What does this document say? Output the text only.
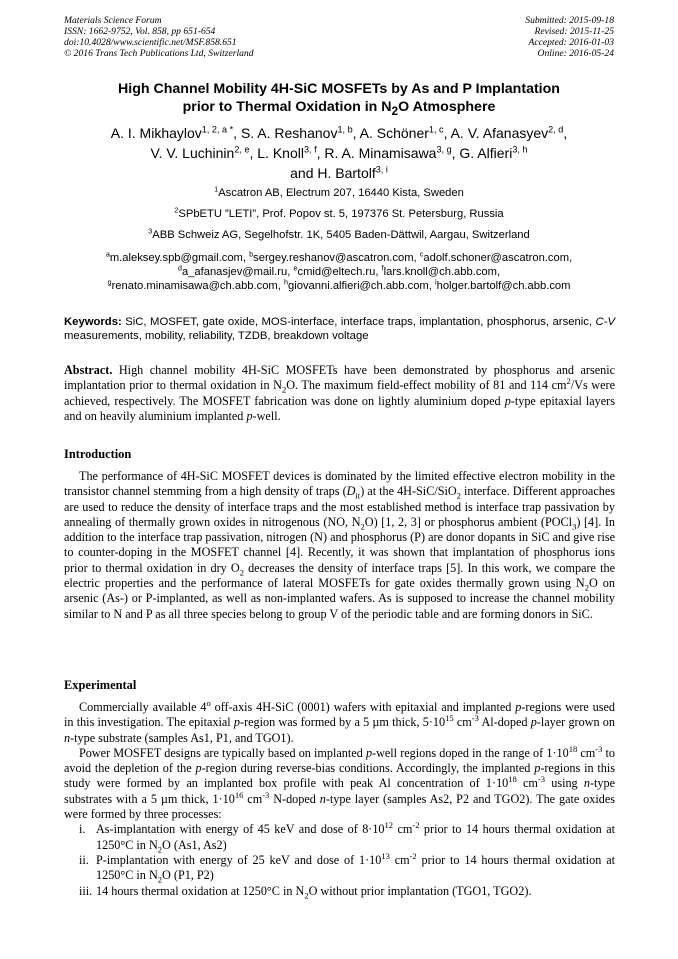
Materials Science Forum
ISSN: 1662-9752, Vol. 858, pp 651-654
doi:10.4028/www.scientific.net/MSF.858.651
© 2016 Trans Tech Publications Ltd, Switzerland
Submitted: 2015-09-18
Revised: 2015-11-25
Accepted: 2016-01-03
Online: 2016-05-24
High Channel Mobility 4H-SiC MOSFETs by As and P Implantation
prior to Thermal Oxidation in $N_2O$ Atmosphere
A. I. Mikhaylov$^{1, 2, a *}$, S. A. Reshanov$^{1, b}$, A. Schöner$^{1, c}$, A. V. Afanasyev$^{2, d}$,
V. V. Luchinin$^{2, e}$, L. Knoll$^{3, f}$, R. A. Minamisawa$^{3, g}$, G. Alfieri$^{3, h}$
and H. Bartolf$^{3, i}$
$^1$Ascatron AB, Electrum 207, 16440 Kista, Sweden
$^2$SPbETU ”LETI”, Prof. Popov st. 5, 197376 St. Petersburg, Russia
$^3$ABB Schweiz AG, Segelhofstr. 1K, 5405 Baden-Dättwil, Aargau, Switzerland
$^a$m.aleksey.spb@gmail.com, $^b$sergey.reshanov@ascatron.com, $^c$adolf.schoner@ascatron.com,
$^d$a_afanasjev@mail.ru, $^e$cmid@eltech.ru, $^f$lars.knoll@ch.abb.com,
$^g$renato.minamisawa@ch.abb.com, $^h$giovanni.alfieri@ch.abb.com, $^i$holger.bartolf@ch.abb.com
Keywords: SiC, MOSFET, gate oxide, MOS-interface, interface traps, implantation, phosphorus, arsenic, C-V measurements, mobility, reliability, TZDB, breakdown voltage

Abstract. High channel mobility 4H-SiC MOSFETs have been demonstrated by phosphorus and arsenic implantation prior to thermal oxidation in $N_2O$. The maximum field-effect mobility of 81 and 114 $cm^2/Vs$ were achieved, respectively. The MOSFET fabrication was done on lightly aluminium doped p-type epitaxial layers and on heavily aluminium implanted p-well.

Introduction

The performance of 4H-SiC MOSFET devices is dominated by the limited effective electron mobility in the transistor channel stemming from a high density of traps $(D_{it})$ at the 4H-SiC/SiO$_2$ interface. Different approaches are used to reduce the density of interface traps and the most established method is interface trap passivation by annealing of thermally grown oxides in nitrogenous (NO, $N_2O$) [1, 2, 3] or phosphorus ambient (POCl$_3$) [4]. In addition to the interface trap passivation, nitrogen (N) and phosphorus (P) are donor dopants in SiC and give rise to counter-doping in the MOSFET channel [4]. Recently, it was shown that implantation of phosphorus ions prior to thermal oxidation in dry $O_2$ decreases the density of interface traps [5]. In this work, we compare the electric properties and the performance of lateral MOSFETs for gate oxides thermally grown using $N_2O$ on arsenic (As-) or P-implanted, as well as non-implanted wafers. As is supposed to increase the channel mobility similar to N and P as all three species belong to group V of the periodic table and are forming donors in SiC.

Experimental

Commercially available 4$^o$ off-axis 4H-SiC (0001) wafers with epitaxial and implanted p-regions were used in this investigation. The epitaxial p-region was formed by a 5 µm thick, $5\cdot 10^{15}$ $cm^{-3}$ Al-doped p-layer grown on n-type substrate (samples As1, P1, and TGO1).

Power MOSFET designs are typically based on implanted p-well regions doped in the range of $1\cdot 10^{18}$ $cm^{-3}$ to avoid the depletion of the p-region during reverse-bias conditions. Accordingly, the implanted p-regions in this study were formed by an implanted box profile with peak Al concentration of $1\cdot 10^{18}$ $cm^{-3}$ using n-type substrates with a 5 µm thick, $1\cdot 10^{16}$ $cm^{-3}$ N-doped n-type layer (samples As2, P2 and TGO2). The gate oxides were formed by three processes:

i. As-implantation with energy of 45 keV and dose of $8\cdot 10^{12}$ $cm^{-2}$ prior to 14 hours thermal oxidation at 1250°C in $N_2O$ (As1, As2)
ii. P-implantation with energy of 25 keV and dose of $1\cdot 10^{13}$ $cm^{-2}$ prior to 14 hours thermal oxidation at 1250°C in $N_2O$ (P1, P2)
iii. 14 hours thermal oxidation at 1250°C in $N_2O$ without prior implantation (TGO1, TGO2).
